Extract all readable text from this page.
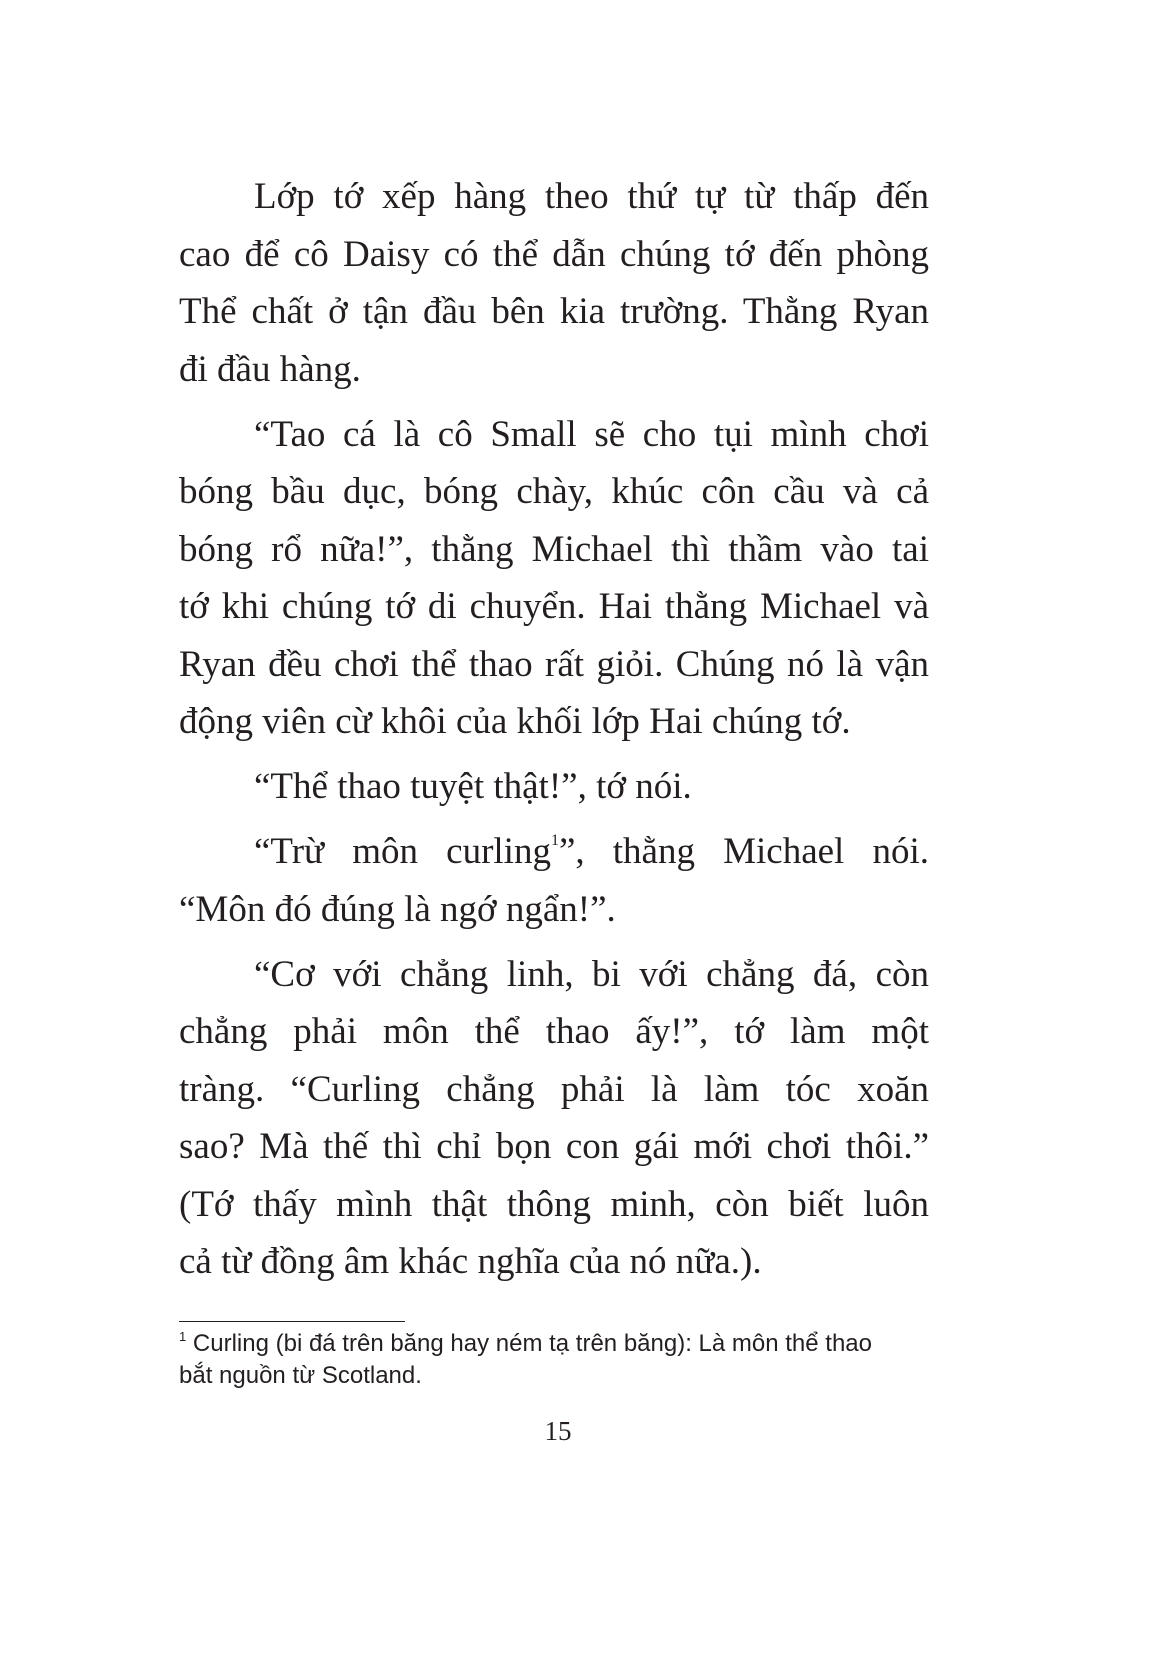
Lớp tớ xếp hàng theo thứ tự từ thấp đến
cao để cô Daisy có thể dẫn chúng tớ đến phòng
Thể chất ở tận đầu bên kia trường. Thằng Ryan
đi đầu hàng.
“Tao cá là cô Small sẽ cho tụi mình chơi
bóng bầu dục, bóng chày, khúc côn cầu và cả
bóng rổ nữa!”, thằng Michael thì thầm vào tai
tớ khi chúng tớ di chuyển. Hai thằng Michael và
Ryan đều chơi thể thao rất giỏi. Chúng nó là vận
động viên cừ khôi của khối lớp Hai chúng tớ.
“Thể thao tuyệt thật!”, tớ nói.
“Trừ môn curling$^1$”, thằng Michael nói.
“Môn đó đúng là ngớ ngẩn!”.
“Cơ với chẳng linh, bi với chẳng đá, còn
chẳng phải môn thể thao ấy!”, tớ làm một
tràng. “Curling chẳng phải là làm tóc xoăn
sao? Mà thế thì chỉ bọn con gái mới chơi thôi.”
(Tớ thấy mình thật thông minh, còn biết luôn
cả từ đồng âm khác nghĩa của nó nữa.).
$^1$ Curling (bi đá trên băng hay ném tạ trên băng): Là môn thể thao
bắt nguồn từ Scotland.
15
